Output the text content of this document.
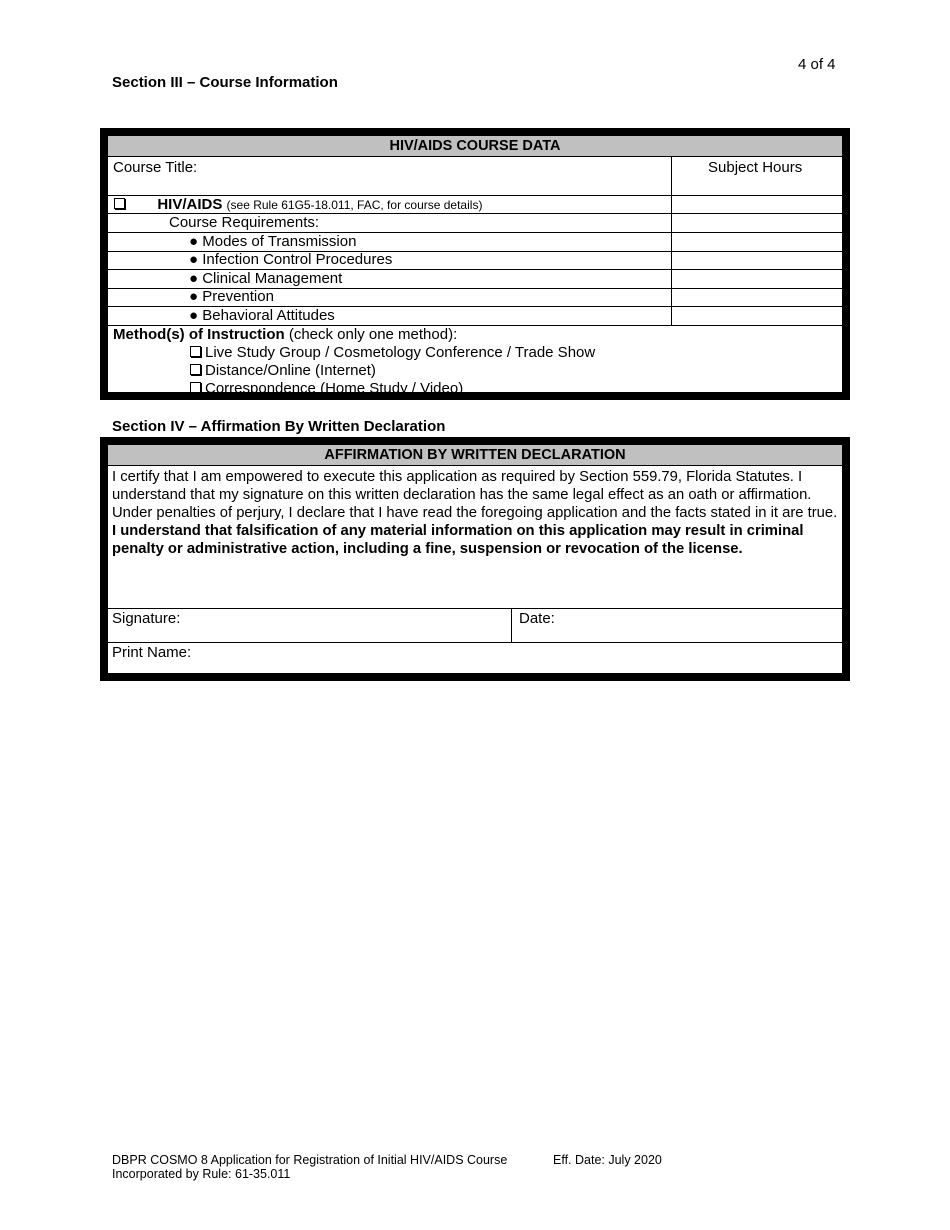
4 of 4
Section III – Course Information
HIV/AIDS COURSE DATA
Course Title:	Subject Hours
HIV/AIDS (see Rule 61G5-18.011, FAC, for course details)
Course Requirements:
● Modes of Transmission
● Infection Control Procedures
● Clinical Management
● Prevention
● Behavioral Attitudes
Method(s) of Instruction (check only one method):
Live Study Group / Cosmetology Conference / Trade Show
Distance/Online (Internet)
Correspondence (Home Study / Video)
Section IV – Affirmation By Written Declaration
AFFIRMATION BY WRITTEN DECLARATION
I certify that I am empowered to execute this application as required by Section 559.79, Florida Statutes. I understand that my signature on this written declaration has the same legal effect as an oath or affirmation. Under penalties of perjury, I declare that I have read the foregoing application and the facts stated in it are true. I understand that falsification of any material information on this application may result in criminal penalty or administrative action, including a fine, suspension or revocation of the license.
Signature:	Date:
Print Name:
DBPR COSMO 8 Application for Registration of Initial HIV/AIDS Course
Incorporated by Rule: 61-35.011
Eff. Date: July 2020
